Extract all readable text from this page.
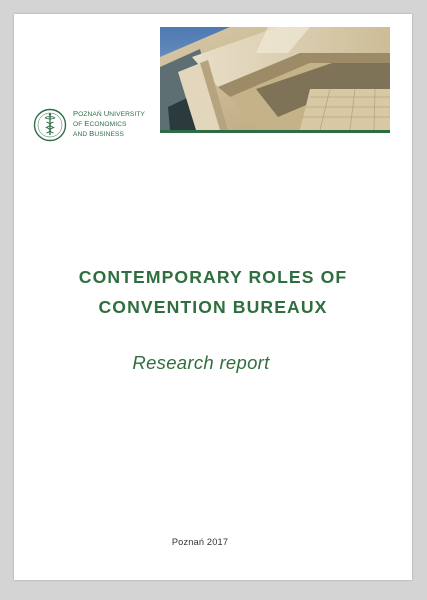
POZNAŃ UNIVERSITY
OF ECONOMICS
AND BUSINESS
CONTEMPORARY ROLES OF
CONVENTION BUREAUX
Research report
Poznań 2017
